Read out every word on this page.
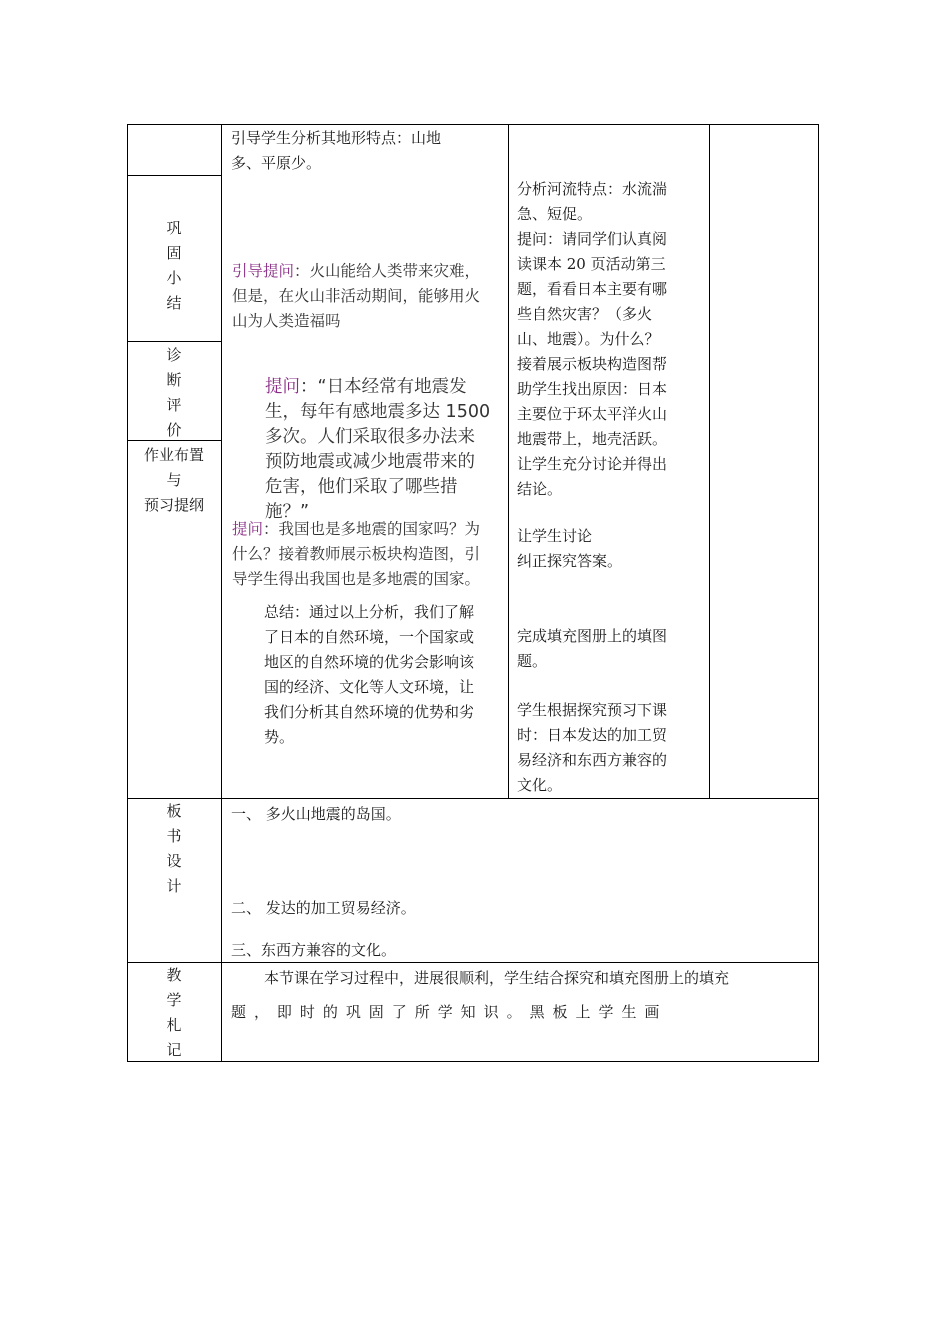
巩
固
小
结
诊
断
评
价
作业布置
与
预习提纲
板
书
设
计
教
学
札
记
引导学生分析其地形特点：山地
多、平原少。
引导提问：火山能给人类带来灾难，
但是，在火山非活动期间，能够用火
山为人类造福吗
提问：“日本经常有地震发
生，每年有感地震多达 1500
多次。人们采取很多办法来
预防地震或减少地震带来的
危害，他们采取了哪些措
施？”
提问：我国也是多地震的国家吗？为
什么？接着教师展示板块构造图，引
导学生得出我国也是多地震的国家。
总结：通过以上分析，我们了解
了日本的自然环境，一个国家或
地区的自然环境的优劣会影响该
国的经济、文化等人文环境，让
我们分析其自然环境的优势和劣
势。
分析河流特点：水流湍
急、短促。
提问：请同学们认真阅
读课本 20 页活动第三
题，看看日本主要有哪
些自然灾害？（多火
山、地震）。为什么？
接着展示板块构造图帮
助学生找出原因：日本
主要位于环太平洋火山
地震带上，地壳活跃。
让学生充分讨论并得出
结论。
让学生讨论
纠正探究答案。
完成填充图册上的填图
题。
学生根据探究预习下课
时：日本发达的加工贸
易经济和东西方兼容的
文化。
一、 多火山地震的岛国。
二、 发达的加工贸易经济。
三、东西方兼容的文化。
本节课在学习过程中，进展很顺利，学生结合探究和填充图册上的填充
题 ， 即 时 的 巩 固 了 所 学 知 识 。 黑 板 上 学 生 画
